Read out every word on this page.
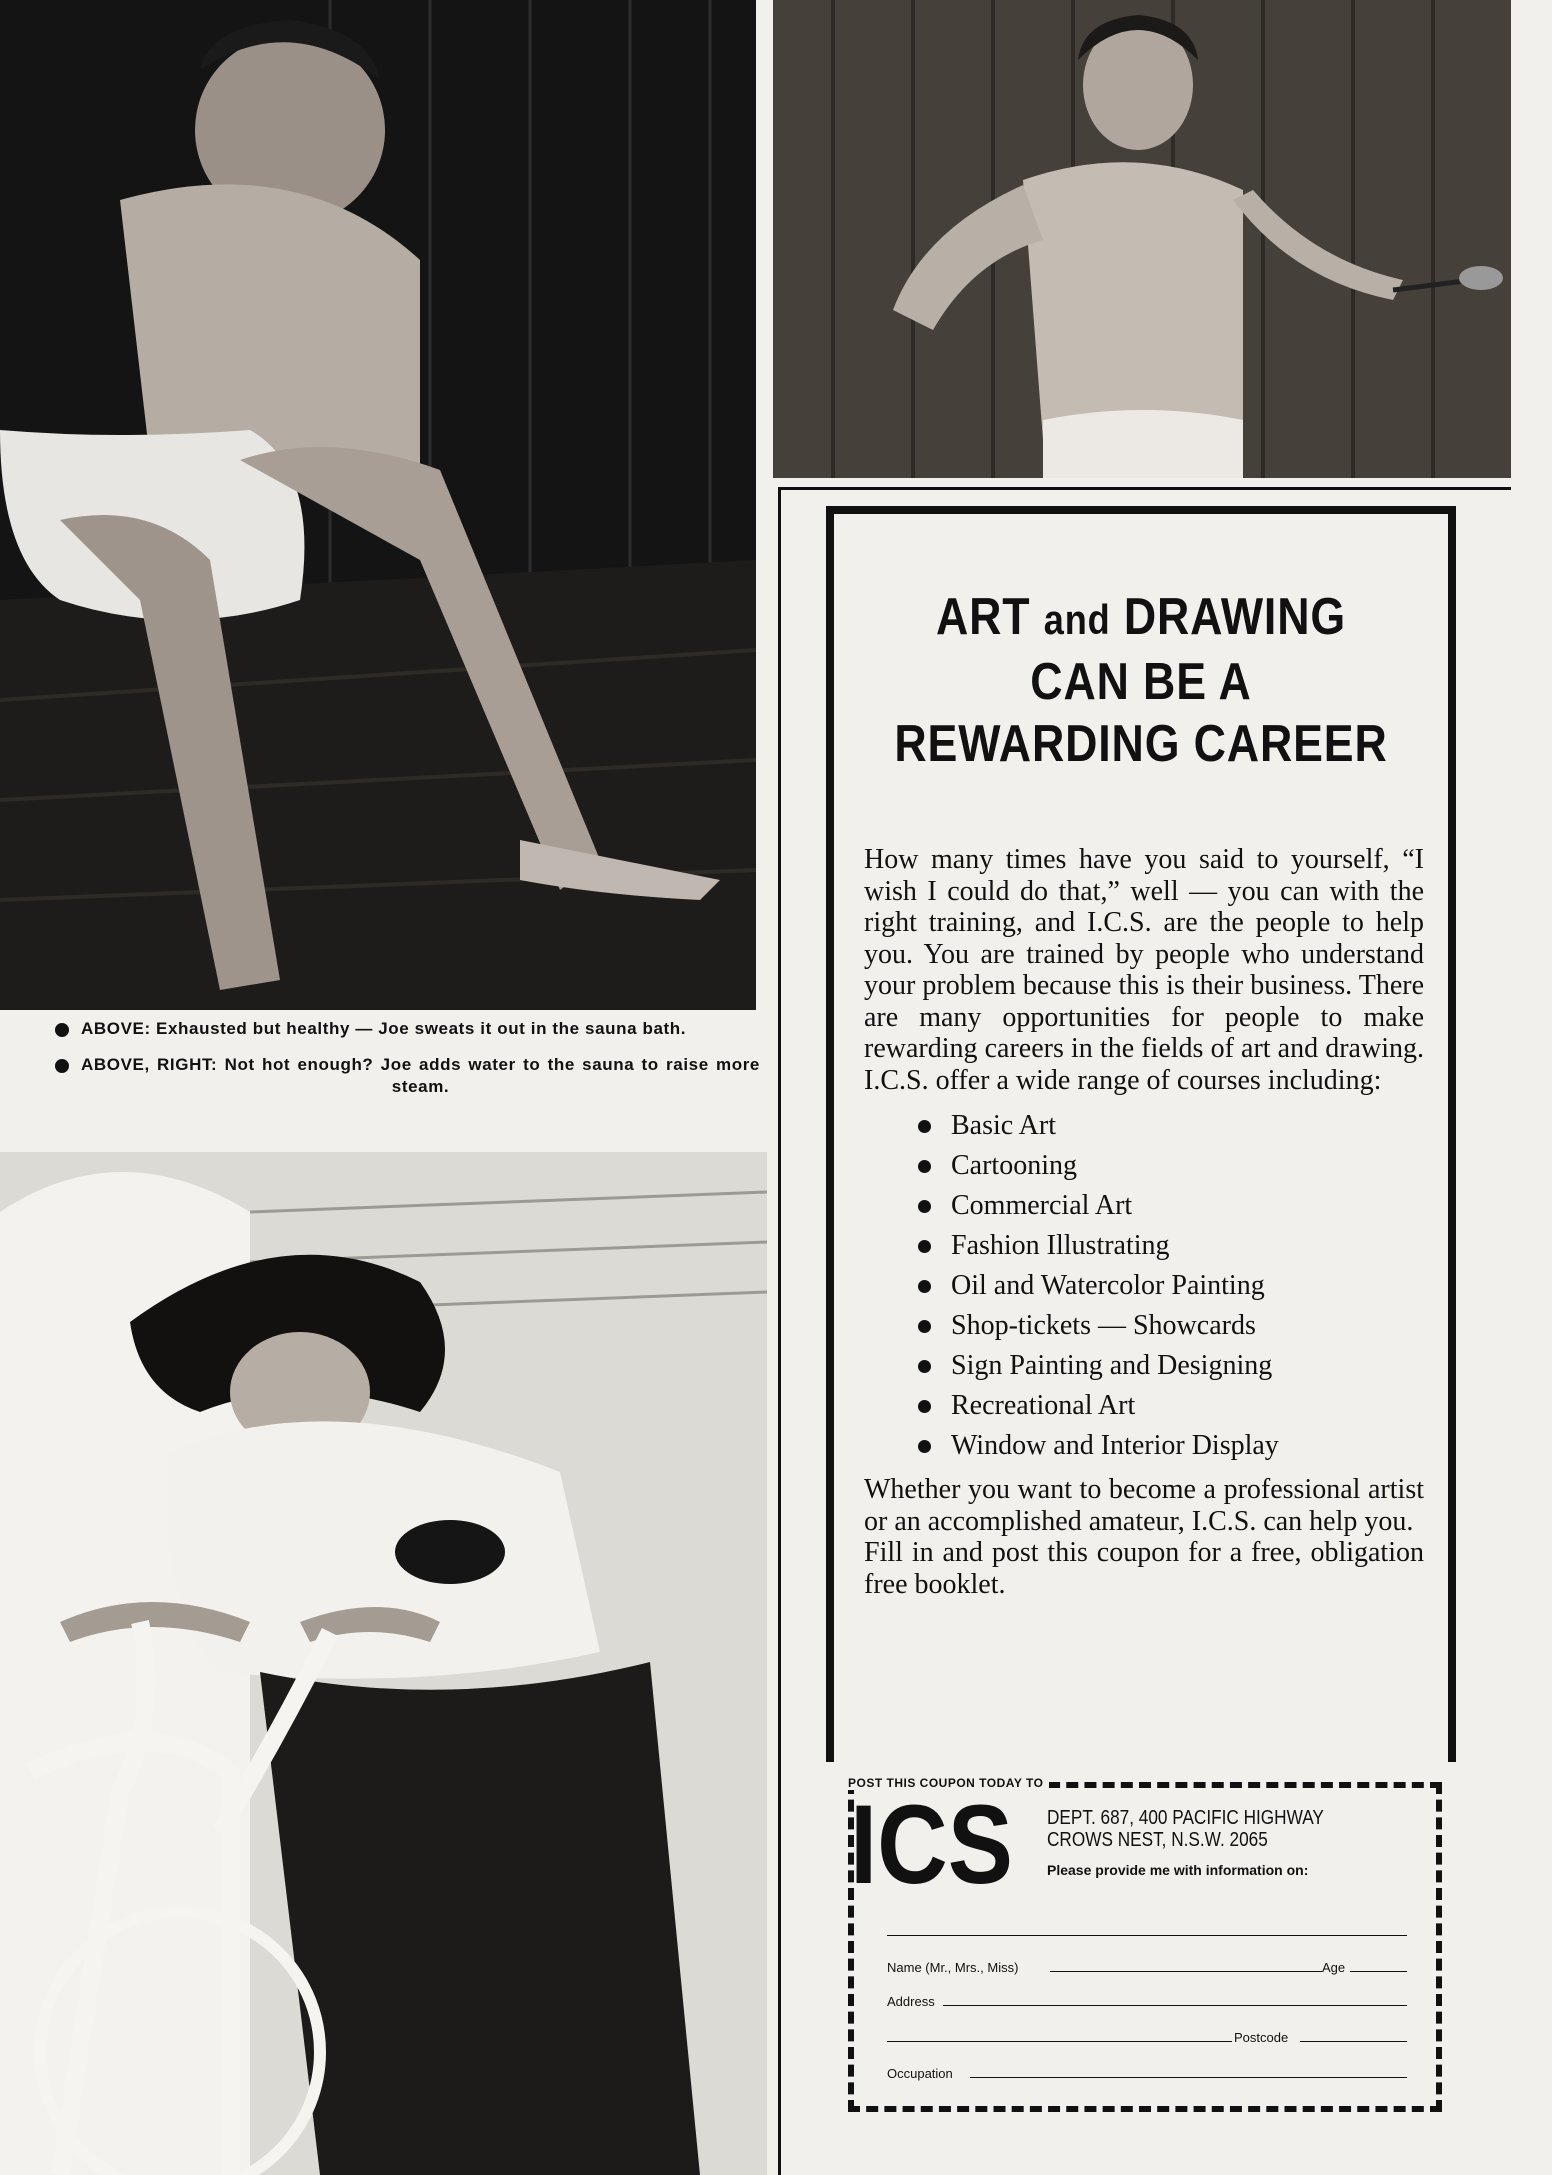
ABOVE: Exhausted but healthy — Joe sweats it out in the sauna bath.
ABOVE, RIGHT: Not hot enough? Joe adds water to the sauna to raise more steam.
ART and DRAWING
CAN BE A
REWARDING CAREER
How many times have you said to yourself, “I wish I could do that,” well — you can with the right training, and I.C.S. are the people to help you. You are trained by people who understand your problem because this is their business. There are many opportunities for people to make rewarding careers in the fields of art and drawing. I.C.S. offer a wide range of courses including:
Basic Art
Cartooning
Commercial Art
Fashion Illustrating
Oil and Watercolor Painting
Shop-tickets — Showcards
Sign Painting and Designing
Recreational Art
Window and Interior Display
Whether you want to become a professional artist or an accomplished amateur, I.C.S. can help you.
Fill in and post this coupon for a free, obligation free booklet.
POST THIS COUPON TODAY TO
ICS DEPT. 687, 400 PACIFIC HIGHWAY
CROWS NEST, N.S.W. 2065
Please provide me with information on:
Name (Mr., Mrs., Miss)	Age
Address
Postcode
Occupation
